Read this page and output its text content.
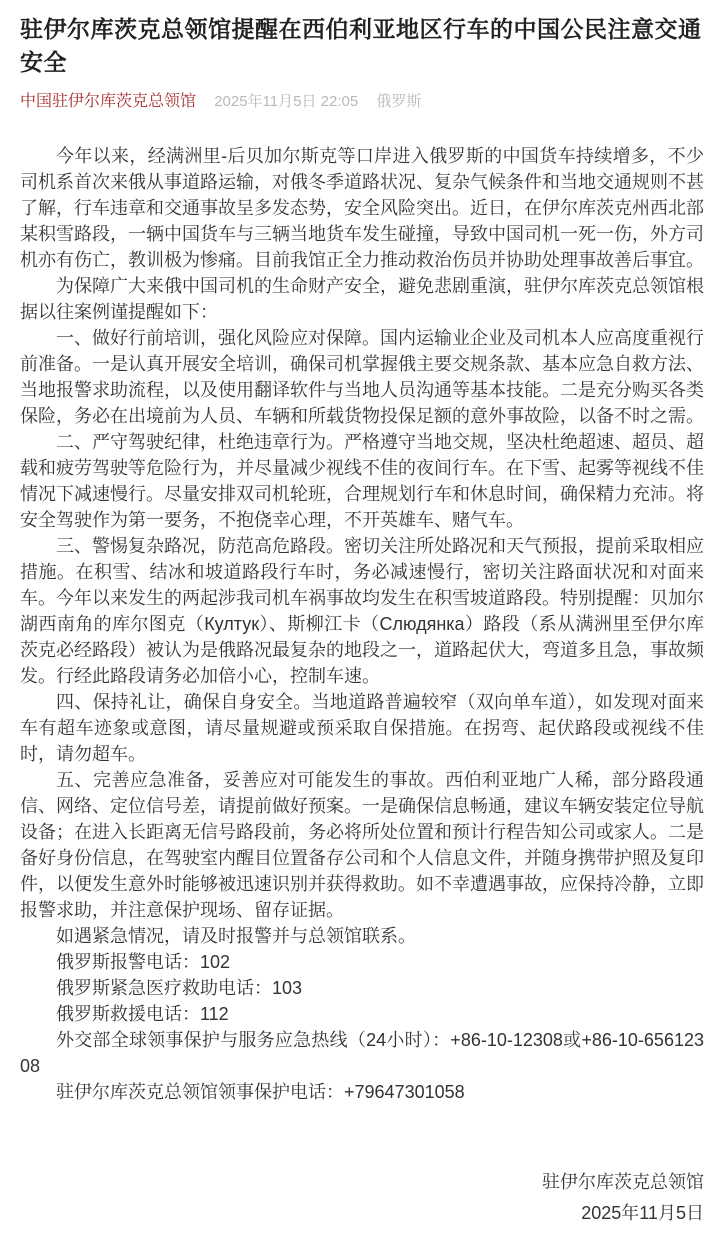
驻伊尔库茨克总领馆提醒在西伯利亚地区行车的中国公民注意交通安全
中国驻伊尔库茨克总领馆 2025年11月5日 22:05 俄罗斯

今年以来，经满洲里-后贝加尔斯克等口岸进入俄罗斯的中国货车持续增多，不少司机系首次来俄从事道路运输，对俄冬季道路状况、复杂气候条件和当地交通规则不甚了解，行车违章和交通事故呈多发态势，安全风险突出。近日，在伊尔库茨克州西北部某积雪路段，一辆中国货车与三辆当地货车发生碰撞，导致中国司机一死一伤，外方司机亦有伤亡，教训极为惨痛。目前我馆正全力推动救治伤员并协助处理事故善后事宜。

为保障广大来俄中国司机的生命财产安全，避免悲剧重演，驻伊尔库茨克总领馆根据以往案例谨提醒如下：

一、做好行前培训，强化风险应对保障。国内运输业企业及司机本人应高度重视行前准备。一是认真开展安全培训，确保司机掌握俄主要交规条款、基本应急自救方法、当地报警求助流程，以及使用翻译软件与当地人员沟通等基本技能。二是充分购买各类保险，务必在出境前为人员、车辆和所载货物投保足额的意外事故险，以备不时之需。

二、严守驾驶纪律，杜绝违章行为。严格遵守当地交规，坚决杜绝超速、超员、超载和疲劳驾驶等危险行为，并尽量减少视线不佳的夜间行车。在下雪、起雾等视线不佳情况下减速慢行。尽量安排双司机轮班，合理规划行车和休息时间，确保精力充沛。将安全驾驶作为第一要务，不抱侥幸心理，不开英雄车、赌气车。

三、警惕复杂路况，防范高危路段。密切关注所处路况和天气预报，提前采取相应措施。在积雪、结冰和坡道路段行车时，务必减速慢行，密切关注路面状况和对面来车。今年以来发生的两起涉我司机车祸事故均发生在积雪坡道路段。特别提醒：贝加尔湖西南角的库尔图克（Култук）、斯柳江卡（Слюдянка）路段（系从满洲里至伊尔库茨克必经路段）被认为是俄路况最复杂的地段之一，道路起伏大，弯道多且急，事故频发。行经此路段请务必加倍小心，控制车速。

四、保持礼让，确保自身安全。当地道路普遍较窄（双向单车道），如发现对面来车有超车迹象或意图，请尽量规避或预采取自保措施。在拐弯、起伏路段或视线不佳时，请勿超车。

五、完善应急准备，妥善应对可能发生的事故。西伯利亚地广人稀，部分路段通信、网络、定位信号差，请提前做好预案。一是确保信息畅通，建议车辆安装定位导航设备；在进入长距离无信号路段前，务必将所处位置和预计行程告知公司或家人。二是备好身份信息，在驾驶室内醒目位置备存公司和个人信息文件，并随身携带护照及复印件，以便发生意外时能够被迅速识别并获得救助。如不幸遭遇事故，应保持冷静，立即报警求助，并注意保护现场、留存证据。

如遇紧急情况，请及时报警并与总领馆联系。

俄罗斯报警电话：102

俄罗斯紧急医疗救助电话：103

俄罗斯救援电话：112

外交部全球领事保护与服务应急热线（24小时）：+86-10-12308或+86-10-65612308

驻伊尔库茨克总领馆领事保护电话：+79647301058

驻伊尔库茨克总领馆

2025年11月5日
